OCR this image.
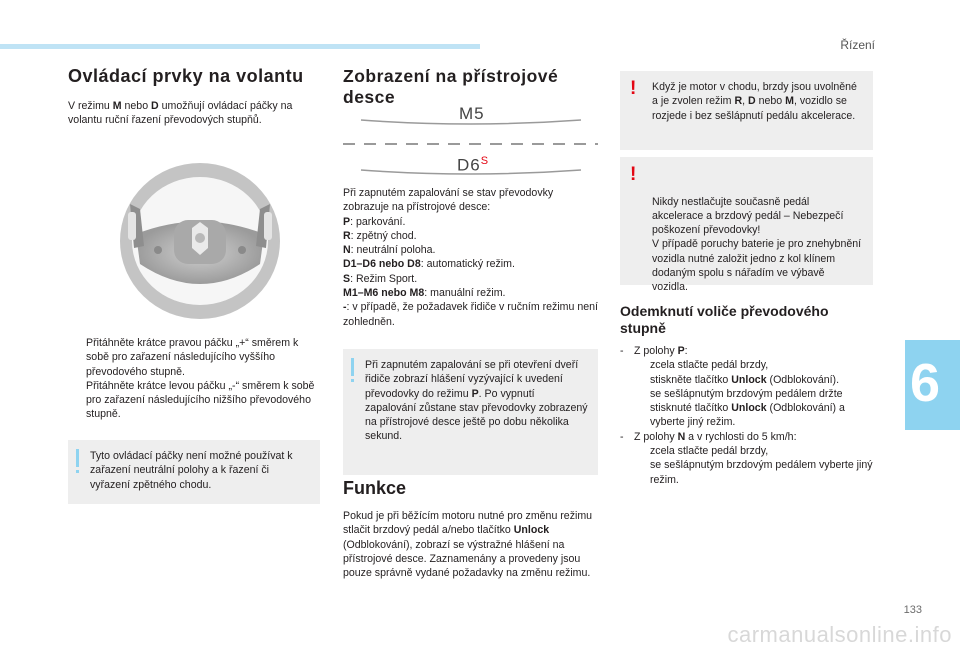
Řízení
Ovládací prvky na volantu
V režimu M nebo D umožňují ovládací páčky na volantu ruční řazení převodových stupňů.
Přitáhněte krátce pravou páčku „+“ směrem k sobě pro zařazení následujícího vyššího převodového stupně.
Přitáhněte krátce levou páčku „-“ směrem k sobě pro zařazení následujícího nižšího převodového stupně.
Tyto ovládací páčky není možné používat k zařazení neutrální polohy a k řazení či vyřazení zpětného chodu.
Zobrazení na přístrojové desce
M5
$D6^S$
Při zapnutém zapalování se stav převodovky zobrazuje na přístrojové desce:
P: parkování.
R: zpětný chod.
N: neutrální poloha.
D1–D6 nebo D8: automatický režim.
S: Režim Sport.
M1–M6 nebo M8: manuální režim.
-: v případě, že požadavek řidiče v ručním režimu není zohledněn.
Při zapnutém zapalování se při otevření dveří řidiče zobrazí hlášení vyzývající k uvedení převodovky do režimu P. Po vypnutí zapalování zůstane stav převodovky zobrazený na přístrojové desce ještě po dobu několika sekund.
Funkce
Pokud je při běžícím motoru nutné pro změnu režimu stlačit brzdový pedál a/nebo tlačítko Unlock (Odblokování), zobrazí se výstražné hlášení na přístrojové desce. Zaznamenány a provedeny jsou pouze správně vydané požadavky na změnu režimu.
! Když je motor v chodu, brzdy jsou uvolněné a je zvolen režim R, D nebo M, vozidlo se rozjede i bez sešlápnutí pedálu akcelerace.

!

Nikdy nestlačujte současně pedál akcelerace a brzdový pedál – Nebezpečí poškození převodovky!
V případě poruchy baterie je pro znehybnění vozidla nutné založit jedno z kol klínem dodaným spolu s nářadím ve výbavě vozidla.

Odemknutí voliče převodového stupně
- Z polohy P:
zcela stlačte pedál brzdy,
stiskněte tlačítko Unlock (Odblokování).
se sešlápnutým brzdovým pedálem držte stisknuté tlačítko Unlock (Odblokování) a vyberte jiný režim.
- Z polohy N a v rychlosti do 5 km/h:
zcela stlačte pedál brzdy,
se sešlápnutým brzdovým pedálem vyberte jiný režim.
6
133
carmanualsonline.info
